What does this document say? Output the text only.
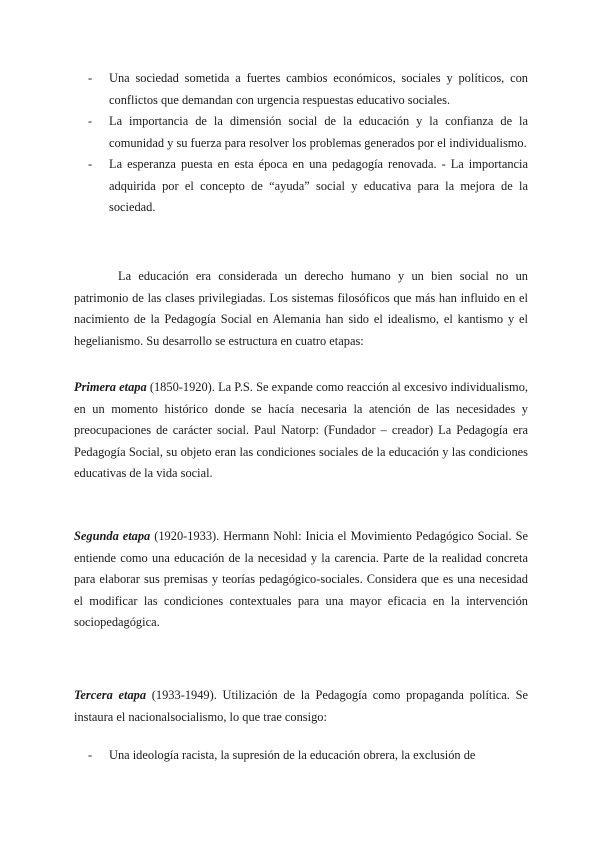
- Una sociedad sometida a fuertes cambios económicos, sociales y políticos, con conflictos que demandan con urgencia respuestas educativo sociales.
- La importancia de la dimensión social de la educación y la confianza de la comunidad y su fuerza para resolver los problemas generados por el individualismo.
- La esperanza puesta en esta época en una pedagogía renovada. - La importancia adquirida por el concepto de “ayuda” social y educativa para la mejora de la sociedad.

La educación era considerada un derecho humano y un bien social no un patrimonio de las clases privilegiadas. Los sistemas filosóficos que más han influido en el nacimiento de la Pedagogía Social en Alemania han sido el idealismo, el kantismo y el hegelianismo. Su desarrollo se estructura en cuatro etapas:

Primera etapa (1850-1920). La P.S. Se expande como reacción al excesivo individualismo, en un momento histórico donde se hacía necesaria la atención de las necesidades y preocupaciones de carácter social. Paul Natorp: (Fundador – creador) La Pedagogía era Pedagogía Social, su objeto eran las condiciones sociales de la educación y las condiciones educativas de la vida social.

Segunda etapa (1920-1933). Hermann Nohl: Inicia el Movimiento Pedagógico Social. Se entiende como una educación de la necesidad y la carencia. Parte de la realidad concreta para elaborar sus premisas y teorías pedagógico-sociales. Considera que es una necesidad el modificar las condiciones contextuales para una mayor eficacia en la intervención sociopedagógica.

Tercera etapa (1933-1949). Utilización de la Pedagogía como propaganda política. Se instaura el nacionalsocialismo, lo que trae consigo:

- Una ideología racista, la supresión de la educación obrera, la exclusión de
